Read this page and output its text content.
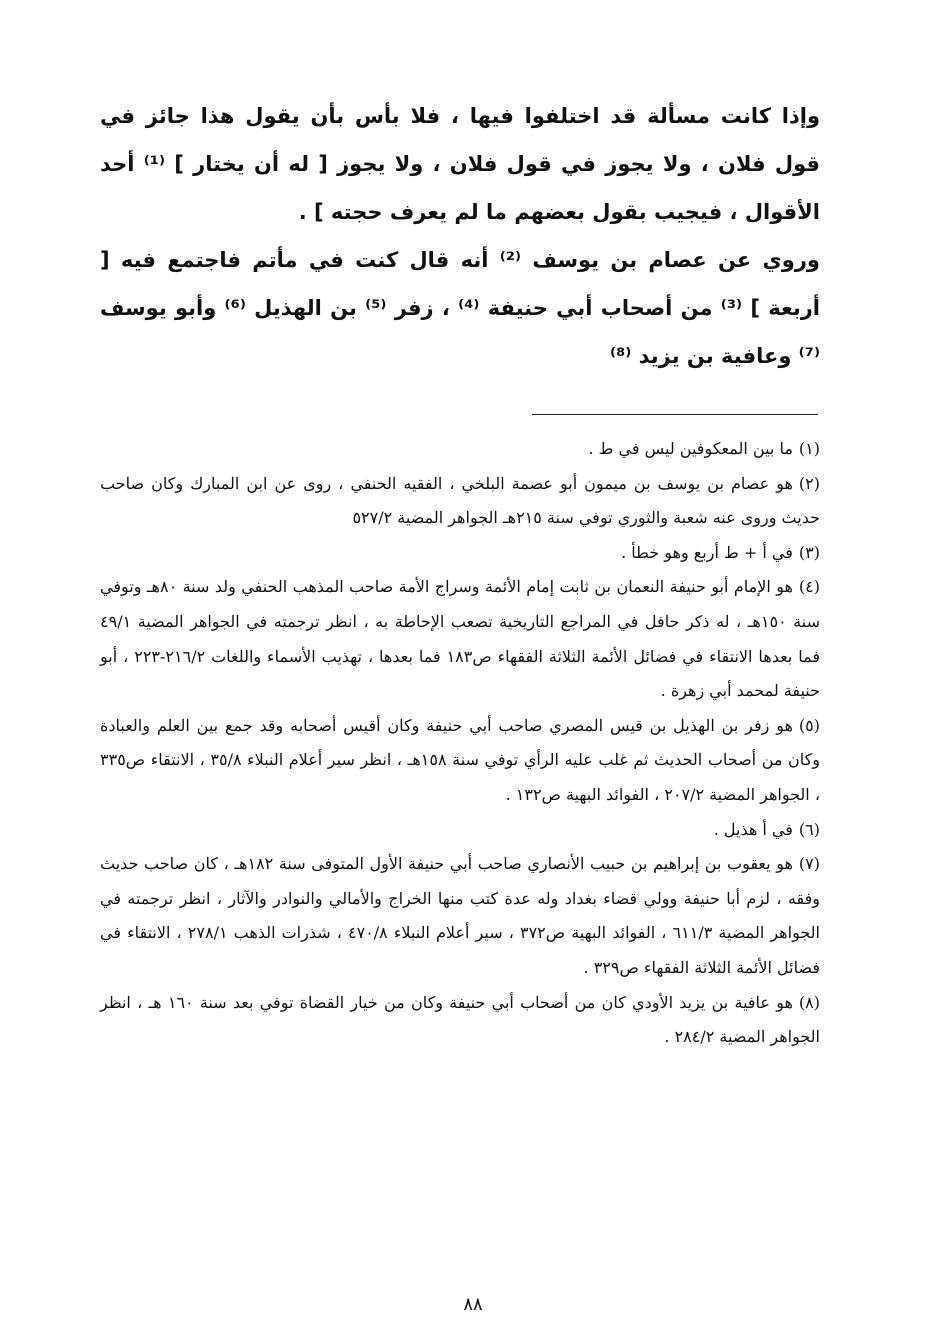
وإذا كانت مسألة قد اختلفوا فيها ، فلا بأس بأن يقول هذا جائز في قول فلان ، ولا يجوز في قول فلان ، ولا يجوز [ له أن يختار ] ⁽¹⁾ أحد الأقوال ، فيجيب بقول بعضهم ما لم يعرف حجته ] .

وروي عن عصام بن يوسف ⁽²⁾ أنه قال كنت في مأتم فاجتمع فيه [ أربعة ] ⁽³⁾ من أصحاب أبي حنيفة ⁽⁴⁾ ، زفر ⁽⁵⁾ بن الهذيل ⁽⁶⁾ وأبو يوسف ⁽⁷⁾ وعافية بن يزيد ⁽⁸⁾

(١)ما بين المعكوفين ليس في ط .

(٢)هو عصام بن يوسف بن ميمون أبو عصمة البلخي ، الفقيه الحنفي ، روى عن ابن المبارك وكان صاحب حديث وروى عنه شعبة والثوري توفي سنة ٢١٥هـ الجواهر المضية ٥٢٧/٢

(٣)في أ + ط أربع وهو خطأ .

(٤)هو الإمام أبو حنيفة النعمان بن ثابت إمام الأئمة وسراج الأمة صاحب المذهب الحنفي ولد سنة ٨٠هـ وتوفي سنة ١٥٠هـ ، له ذكر حافل في المراجع التاريخية تصعب الإحاطة به ، انظر ترجمته في الجواهر المضية ٤٩/١ فما بعدها الانتقاء في فضائل الأئمة الثلاثة الفقهاء ص١٨٣ فما بعدها ، تهذيب الأسماء واللغات ٢١٦/٢-٢٢٣ ، أبو حنيفة لمحمد أبي زهرة .

(٥)هو زفر بن الهذيل بن قيس المصري صاحب أبي حنيفة وكان أقيس أصحابه وقد جمع بين العلم والعبادة وكان من أصحاب الحديث ثم غلب عليه الرأي توفي سنة ١٥٨هـ ، انظر سير أعلام النبلاء ٣٥/٨ ، الانتقاء ص٣٣٥ ، الجواهر المضية ٢٠٧/٢ ، الفوائد البهية ص١٣٢ .

(٦)في أ هذيل .

(٧)هو يعقوب بن إبراهيم بن حبيب الأنصاري صاحب أبي حنيفة الأول المتوفى سنة ١٨٢هـ ، كان صاحب حديث وفقه ، لزم أبا حنيفة وولي قضاء بغداد وله عدة كتب منها الخراج والأمالي والنوادر والآثار ، انظر ترجمته في الجواهر المضية ٦١١/٣ ، الفوائد البهية ص٣٧٢ ، سير أعلام النبلاء ٤٧٠/٨ ، شذرات الذهب ٢٧٨/١ ، الانتقاء في فضائل الأئمة الثلاثة الفقهاء ص٣٢٩ .

(٨)هو عافية بن يزيد الأودي كان من أصحاب أبي حنيفة وكان من خيار القضاة توفي بعد سنة ١٦٠ هـ ، انظر الجواهر المضية ٢٨٤/٢ .

٨٨
